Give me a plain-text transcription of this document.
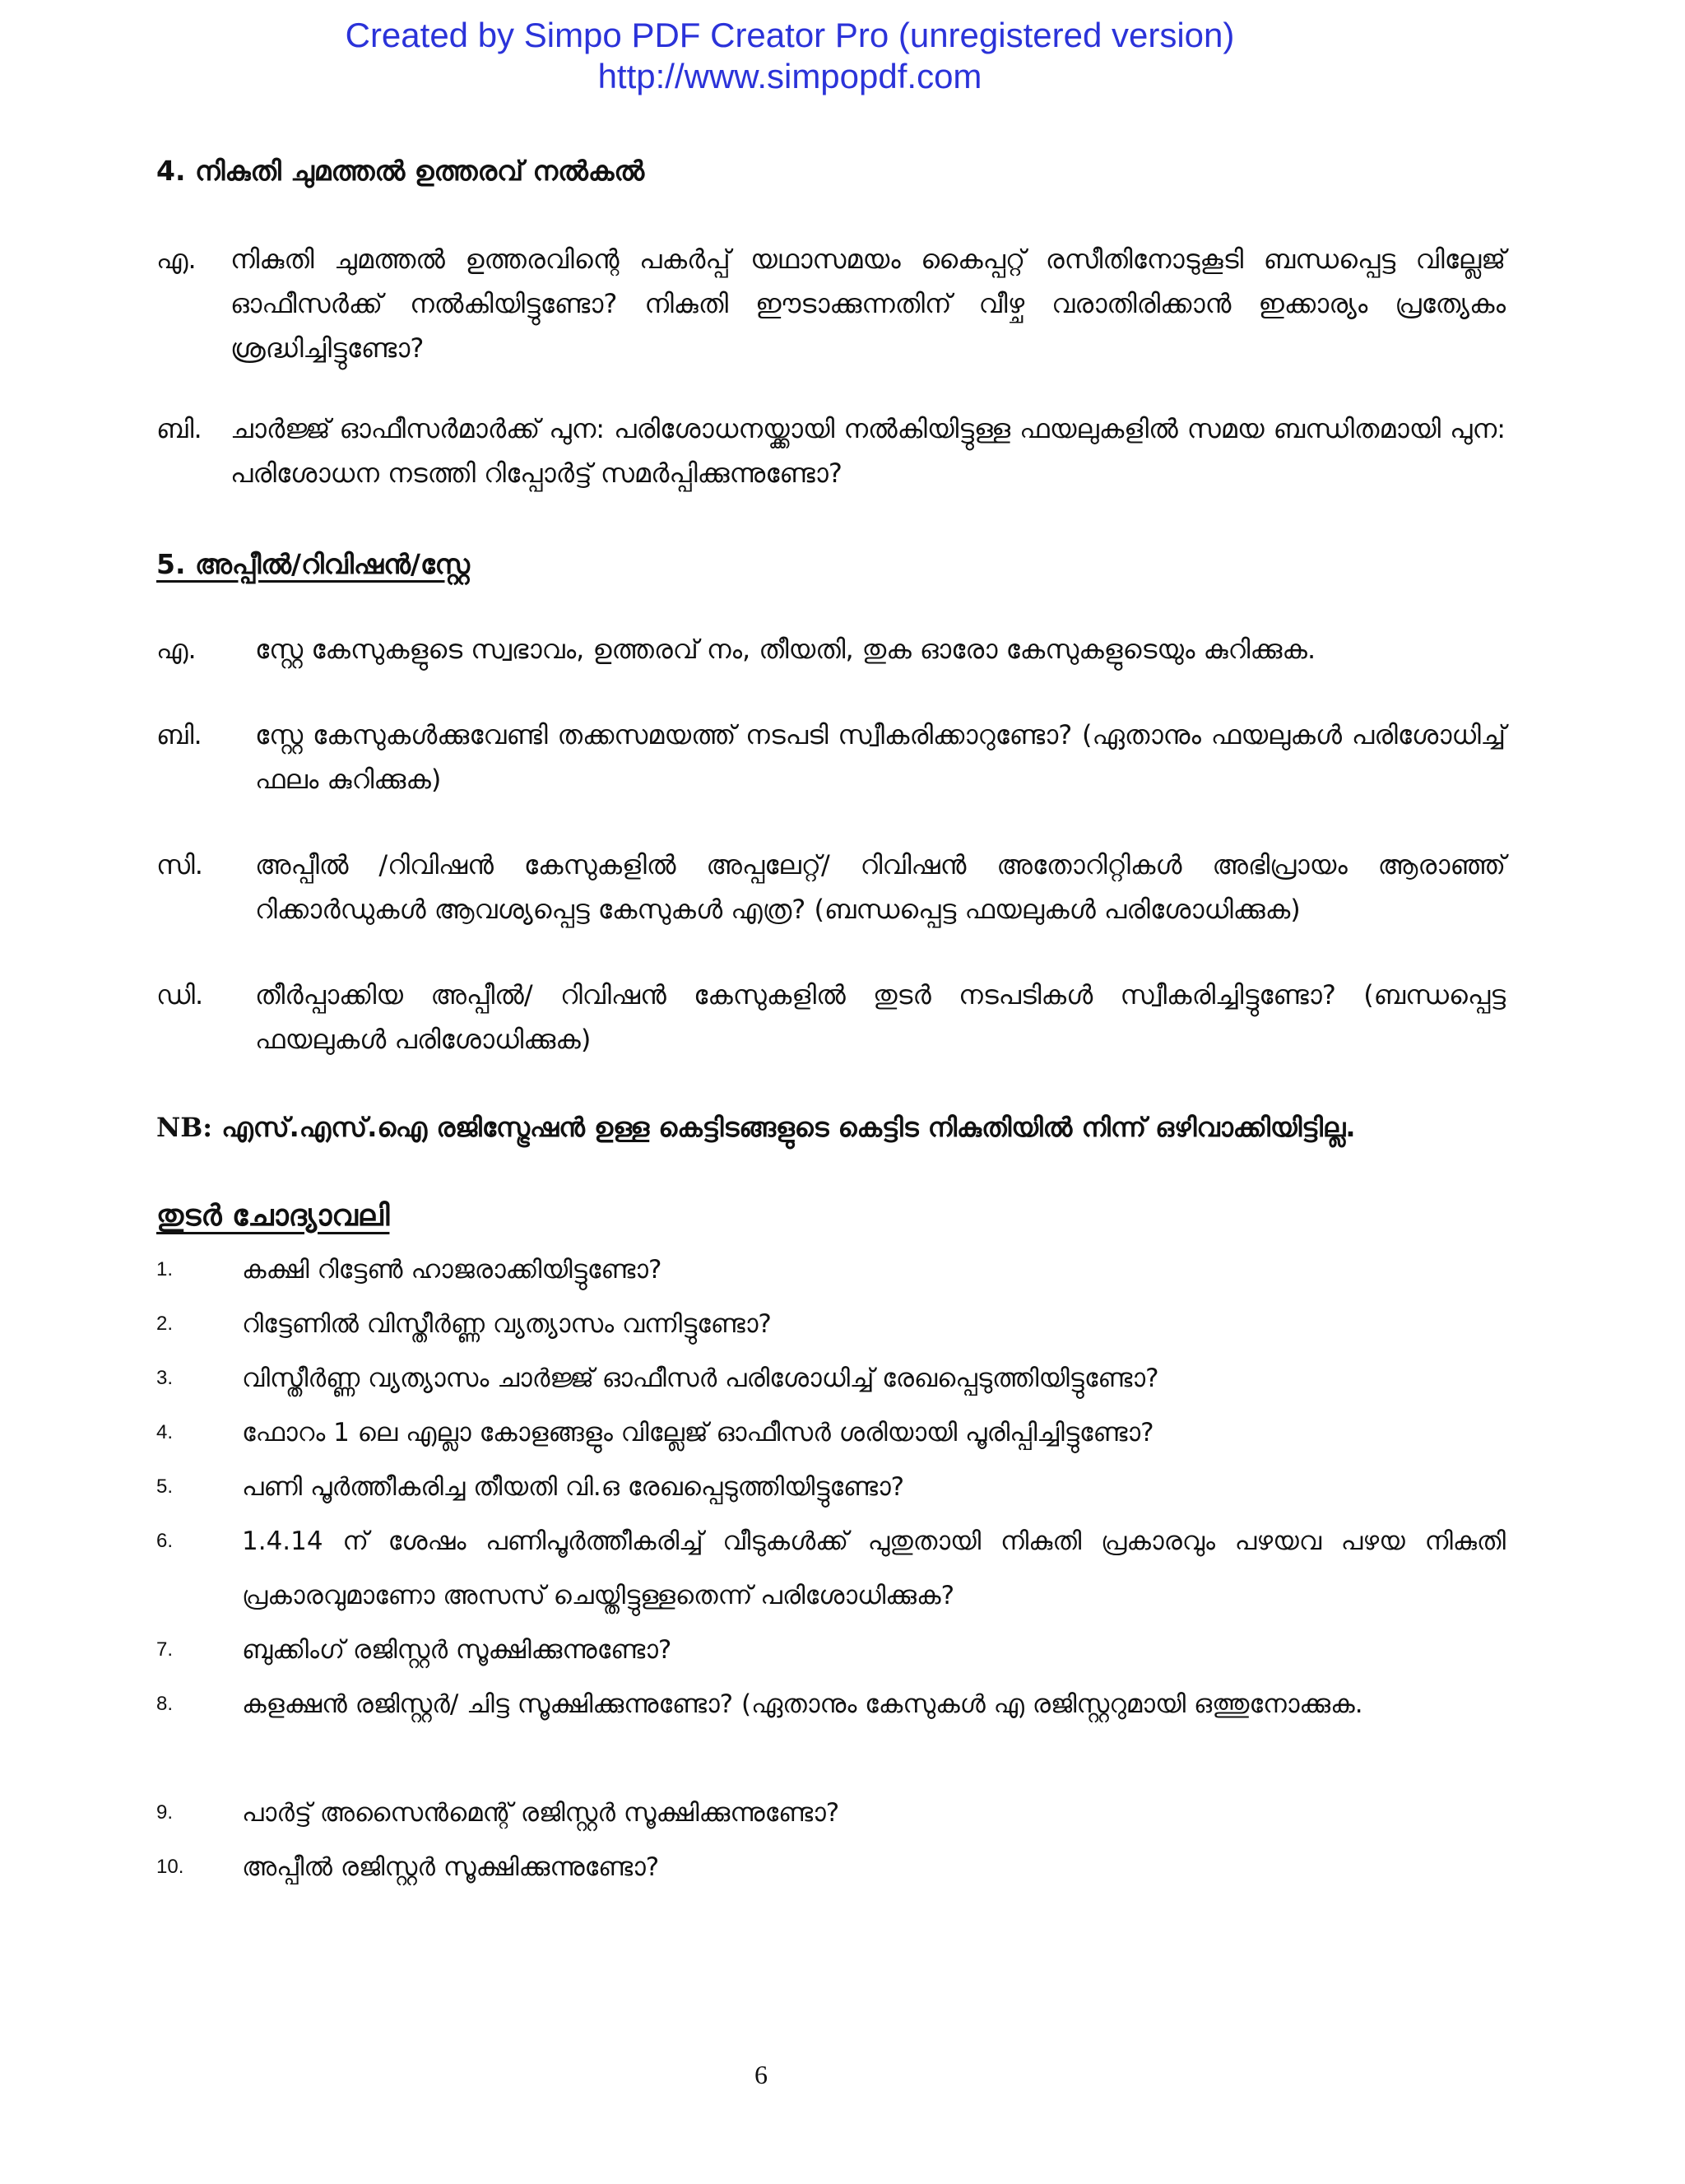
Created by Simpo PDF Creator Pro (unregistered version)
http://www.simpopdf.com
4. നികുതി ചുമത്തൽ ഉത്തരവ് നൽകൽ
എ. നികുതി ചുമത്തൽ ഉത്തരവിന്റെ പകർപ്പ് യഥാസമയം കൈപ്പറ്റ് രസീതിനോടുകൂടി ബന്ധപ്പെട്ട വില്ലേജ് ഓഫീസർക്ക് നൽകിയിട്ടുണ്ടോ? നികുതി ഈടാക്കുന്നതിന് വീഴ്ച വരാതിരിക്കാൻ ഇക്കാര്യം പ്രത്യേകം ശ്രദ്ധിച്ചിട്ടുണ്ടോ?
ബി. ചാർജ്ജ് ഓഫീസർമാർക്ക് പുന: പരിശോധനയ്ക്കായി നൽകിയിട്ടുള്ള ഫയലുകളിൽ സമയ ബന്ധിതമായി പുന: പരിശോധന നടത്തി റിപ്പോർട്ട് സമർപ്പിക്കുന്നുണ്ടോ?
5. അപ്പീൽ/റിവിഷൻ/സ്റ്റേ
എ. സ്റ്റേ കേസുകളുടെ സ്വഭാവം, ഉത്തരവ് നം, തീയതി, തുക ഓരോ കേസുകളുടെയും കുറിക്കുക.
ബി. സ്റ്റേ കേസുകൾക്കുവേണ്ടി തക്കസമയത്ത് നടപടി സ്വീകരിക്കാറുണ്ടോ? (ഏതാനും ഫയലുകൾ പരിശോധിച്ച് ഫലം കുറിക്കുക)
സി. അപ്പീൽ /റിവിഷൻ കേസുകളിൽ അപ്പലേറ്റ്/ റിവിഷൻ അതോറിറ്റികൾ അഭിപ്രായം ആരാഞ്ഞ് റിക്കാർഡുകൾ ആവശ്യപ്പെട്ട കേസുകൾ എത്ര? (ബന്ധപ്പെട്ട ഫയലുകൾ പരിശോധിക്കുക)
ഡി. തീർപ്പാക്കിയ അപ്പീൽ/ റിവിഷൻ കേസുകളിൽ തുടർ നടപടികൾ സ്വീകരിച്ചിട്ടുണ്ടോ? (ബന്ധപ്പെട്ട ഫയലുകൾ പരിശോധിക്കുക)
NB: എസ്.എസ്.ഐ രജിസ്ട്രേഷൻ ഉള്ള കെട്ടിടങ്ങളുടെ കെട്ടിട നികുതിയിൽ നിന്ന് ഒഴിവാക്കിയിട്ടില്ല.
തുടർ ചോദ്യാവലി
1.	കക്ഷി റിട്ടേൺ ഹാജരാക്കിയിട്ടുണ്ടോ?
2.	റിട്ടേണിൽ വിസ്തീർണ്ണ വ്യത്യാസം വന്നിട്ടുണ്ടോ?
3.	വിസ്തീർണ്ണ വ്യത്യാസം ചാർജ്ജ് ഓഫീസർ പരിശോധിച്ച് രേഖപ്പെടുത്തിയിട്ടുണ്ടോ?
4.	ഫോറം 1 ലെ എല്ലാ കോളങ്ങളും വില്ലേജ് ഓഫീസർ ശരിയായി പൂരിപ്പിച്ചിട്ടുണ്ടോ?
5.	പണി പൂർത്തീകരിച്ച തീയതി വി.ഒ രേഖപ്പെടുത്തിയിട്ടുണ്ടോ?
6.	1.4.14 ന് ശേഷം പണിപൂർത്തീകരിച്ച് വീടുകൾക്ക് പുതുതായി നികുതി പ്രകാരവും പഴയവ പഴയ നികുതി പ്രകാരവുമാണോ അസസ് ചെയ്തിട്ടുള്ളതെന്ന് പരിശോധിക്കുക?
7.	ബുക്കിംഗ് രജിസ്റ്റർ സൂക്ഷിക്കുന്നുണ്ടോ?
8.	കളക്ഷൻ രജിസ്റ്റർ/ ചിട്ട സൂക്ഷിക്കുന്നുണ്ടോ? (ഏതാനും കേസുകൾ എ രജിസ്റ്ററുമായി ഒത്തുനോക്കുക.
9.	പാർട്ട് അസൈൻമെന്റ് രജിസ്റ്റർ സൂക്ഷിക്കുന്നുണ്ടോ?
10. അപ്പീൽ രജിസ്റ്റർ സൂക്ഷിക്കുന്നുണ്ടോ?
6
